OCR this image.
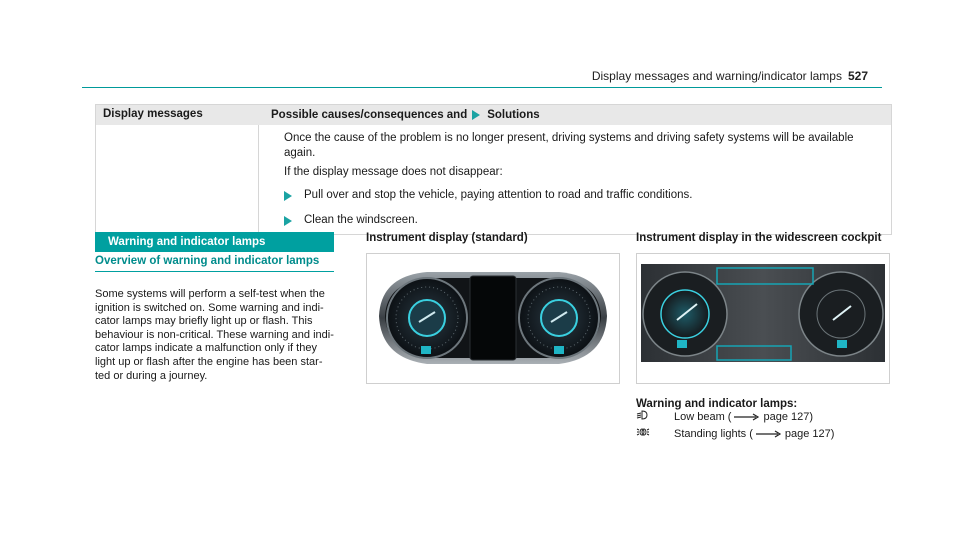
Display messages and warning/indicator lamps 527
Display messages	Possible causes/consequences and Solutions

Once the cause of the problem is no longer present, driving systems and driving safety systems will be available
again.

If the display message does not disappear:

Pull over and stop the vehicle, paying attention to road and traffic conditions.
Clean the windscreen.
Warning and indicator lamps
Overview of warning and indicator lamps
Some systems will perform a self-test when the
ignition is switched on. Some warning and indi-
cator lamps may briefly light up or flash. This
behaviour is non-critical. These warning and indi-
cator lamps indicate a malfunction only if they
light up or flash after the engine has been star-
ted or during a journey.
Instrument display (standard)	Instrument display in the widescreen cockpit
Warning and indicator lamps:
Low beam (	page 127)
Standing lights (	page 127)
